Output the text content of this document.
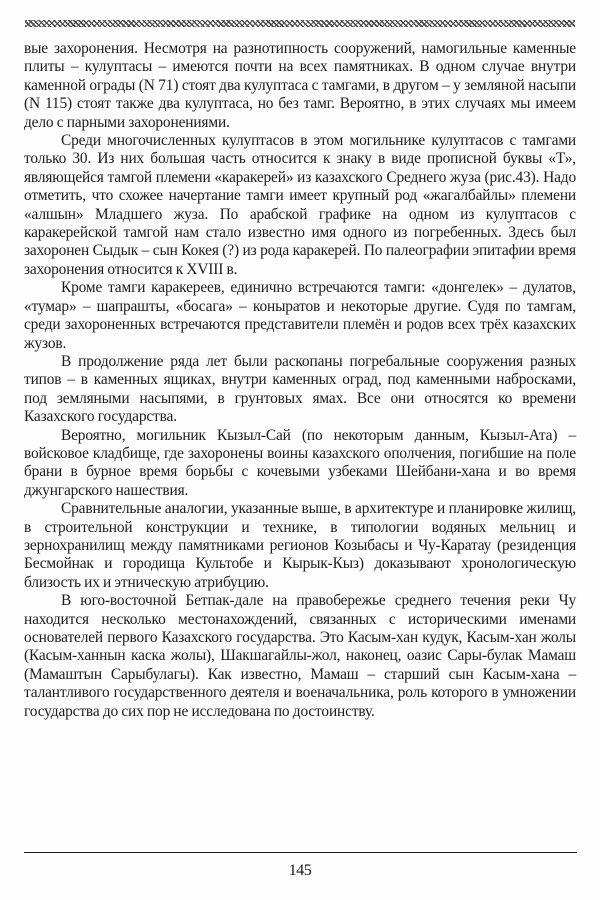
вые захоронения. Несмотря на разнотипность сооружений, намогильные каменные плиты – кулуптасы – имеются почти на всех памятниках. В одном случае внутри каменной ограды (N 71) стоят два кулуптаса с тамгами, в другом – у земляной насыпи (N 115) стоят также два кулуптаса, но без тамг. Вероятно, в этих случаях мы имеем дело с парными захоронениями.

Среди многочисленных кулуптасов в этом могильнике кулуптасов с тамгами только 30. Из них большая часть относится к знаку в виде прописной буквы «Т», являющейся тамгой племени «каракерей» из казахского Среднего жуза (рис.43). Надо отметить, что схожее начертание тамги имеет крупный род «жагалбайлы» племени «алшын» Младшего жуза. По арабской графике на одном из кулуптасов с каракерейской тамгой нам стало известно имя одного из погребенных. Здесь был захоронен Сыдык – сын Кокея (?) из рода каракерей. По палеографии эпитафии время захоронения относится к XVIII в.

Кроме тамги каракереев, единично встречаются тамги: «донгелек» – дулатов, «тумар» – шапрашты, «босага» – коныратов и некоторые другие. Судя по тамгам, среди захороненных встречаются представители племён и родов всех трёх казахских жузов.

В продолжение ряда лет были раскопаны погребальные сооружения разных типов – в каменных ящиках, внутри каменных оград, под каменными набросками, под земляными насыпями, в грунтовых ямах. Все они относятся ко времени Казахского государства.

Вероятно, могильник Кызыл-Сай (по некоторым данным, Кызыл-Ата) – войсковое кладбище, где захоронены воины казахского ополчения, погибшие на поле брани в бурное время борьбы с кочевыми узбеками Шейбани-хана и во время джунгарского нашествия.

Сравнительные аналогии, указанные выше, в архитектуре и планировке жилищ, в строительной конструкции и технике, в типологии водяных мельниц и зернохранилищ между памятниками регионов Козыбасы и Чу-Каратау (резиденция Бесмойнак и городища Культобе и Кырык-Кыз) доказывают хронологическую близость их и этническую атрибуцию.

В юго-восточной Бетпак-дале на правобережье среднего течения реки Чу находится несколько местонахождений, связанных с историческими именами основателей первого Казахского государства. Это Касым-хан кудук, Касым-хан жолы (Касым-ханнын каска жолы), Шакшагайлы-жол, наконец, оазис Сары-булак Мамаш (Мамаштын Сарыбулагы). Как известно, Мамаш – старший сын Касым-хана – талантливого государственного деятеля и военачальника, роль которого в умножении государства до сих пор не исследована по достоинству.

145
